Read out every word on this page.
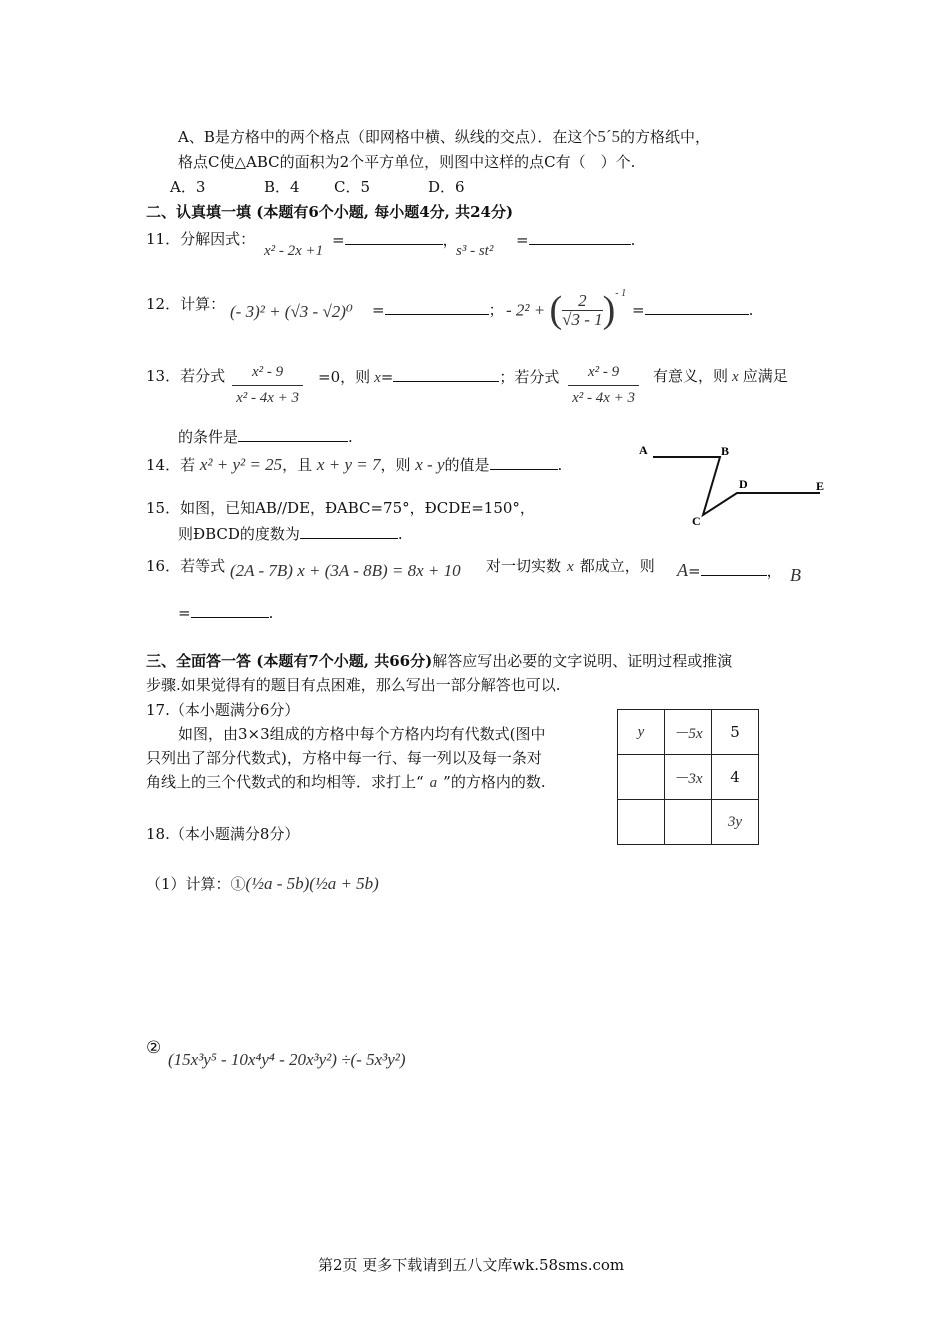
A、B是方格中的两个格点（即网格中横、纵线的交点）．在这个5´5的方格纸中，
格点C使△ABC的面积为2个平方单位，则图中这样的点C有（　）个.
A．3	B．4 C．5	D．6
二、认真填一填 (本题有6个小题, 每小题4分, 共24分)
11．分解因式：
x² - 2x +1
=	，
s³ - st²
=	.
12．计算： (- 3)² + (√3 - √2)⁰ =	； - 2² + ( $\frac{2}{√3 - 1} )^{- 1}$
=	.
13．若分式 $\frac{\text{x² - 9}}{\text{x² - 4x + 3}} =0$，则 x=	；若分式 $\frac{\text{x² - 9}}{\text{x² - 4x + 3}}$ 有意义，则 x 应满足
的条件是	.
14．若 x² + y² = 25，且 x + y = 7，则 x - y的值是	.
A	B
C
D	E
15．如图，已知AB//DE，ÐABC=75°，ÐCDE=150°，
则ÐBCD的度数为	.
16．若等式 (2A - 7B) x + (3A - 8B) = 8x + 10 对一切实数 x 都成立，则 A=	， B
=	.
三、全面答一答 (本题有7个小题, 共66分)解答应写出必要的文字说明、证明过程或推演
步骤.如果觉得有的题目有点困难，那么写出一部分解答也可以.
17.（本小题满分6分）
如图，由3×3组成的方格中每个方格内均有代数式(图中
只列出了部分代数式)，方格中每一行、每一列以及每一条对
角线上的三个代数式的和均相等．求打上“ a ”的方格内的数.
y	－5x	5
	－3x	4
		3y
18.（本小题满分8分）
（1）计算：①(½a - 5b)(½a + 5b)
②
(15x³y⁵ - 10x⁴y⁴ - 20x³y²) ÷(- 5x³y²)
第2页 更多下载请到五八文库wk.58sms.com
